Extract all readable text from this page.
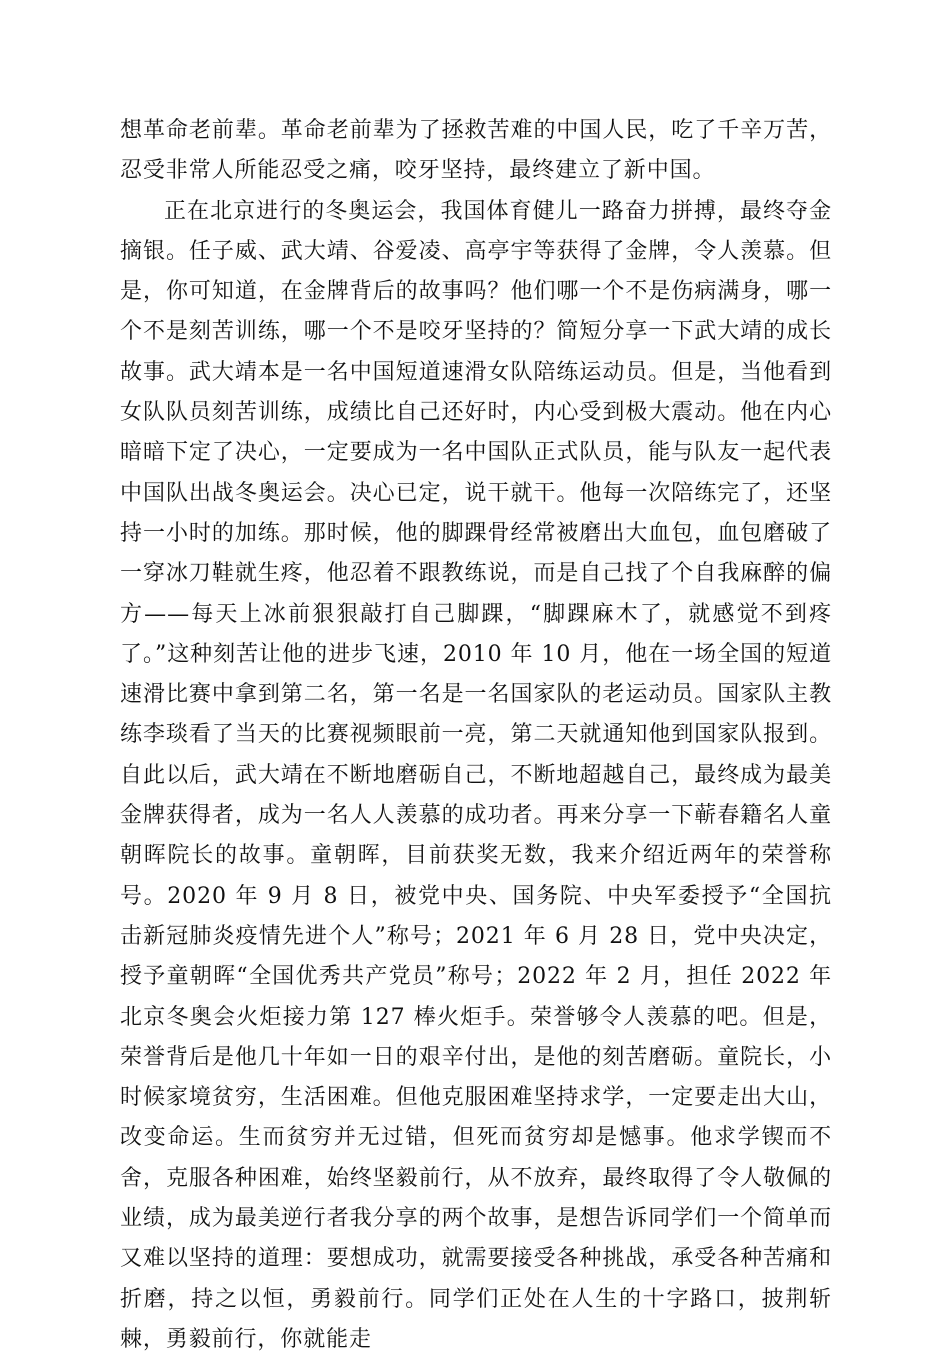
想革命老前辈。革命老前辈为了拯救苦难的中国人民，吃了千辛万苦，忍受非常人所能忍受之痛，咬牙坚持，最终建立了新中国。

正在北京进行的冬奥运会，我国体育健儿一路奋力拼搏，最终夺金摘银。任子威、武大靖、谷爱凌、高亭宇等获得了金牌，令人羡慕。但是，你可知道，在金牌背后的故事吗？他们哪一个不是伤病满身，哪一个不是刻苦训练，哪一个不是咬牙坚持的？简短分享一下武大靖的成长故事。武大靖本是一名中国短道速滑女队陪练运动员。但是，当他看到女队队员刻苦训练，成绩比自己还好时，内心受到极大震动。他在内心暗暗下定了决心，一定要成为一名中国队正式队员，能与队友一起代表中国队出战冬奥运会。决心已定，说干就干。他每一次陪练完了，还坚持一小时的加练。那时候，他的脚踝骨经常被磨出大血包，血包磨破了一穿冰刀鞋就生疼，他忍着不跟教练说，而是自己找了个自我麻醉的偏方——每天上冰前狠狠敲打自己脚踝，“脚踝麻木了，就感觉不到疼了。”这种刻苦让他的进步飞速，2010 年 10 月，他在一场全国的短道速滑比赛中拿到第二名，第一名是一名国家队的老运动员。国家队主教练李琰看了当天的比赛视频眼前一亮，第二天就通知他到国家队报到。自此以后，武大靖在不断地磨砺自己，不断地超越自己，最终成为最美金牌获得者，成为一名人人羡慕的成功者。再来分享一下蕲春籍名人童朝晖院长的故事。童朝晖，目前获奖无数，我来介绍近两年的荣誉称号。2020 年 9 月 8 日，被党中央、国务院、中央军委授予“全国抗击新冠肺炎疫情先进个人”称号；2021 年 6 月 28 日，党中央决定，授予童朝晖“全国优秀共产党员”称号；2022 年 2 月，担任 2022 年北京冬奥会火炬接力第 127 棒火炬手。荣誉够令人羡慕的吧。但是，荣誉背后是他几十年如一日的艰辛付出，是他的刻苦磨砺。童院长，小时候家境贫穷，生活困难。但他克服困难坚持求学，一定要走出大山，改变命运。生而贫穷并无过错，但死而贫穷却是憾事。他求学锲而不舍，克服各种困难，始终坚毅前行，从不放弃，最终取得了令人敬佩的业绩，成为最美逆行者我分享的两个故事，是想告诉同学们一个简单而又难以坚持的道理：要想成功，就需要接受各种挑战，承受各种苦痛和折磨，持之以恒，勇毅前行。同学们正处在人生的十字路口，披荆斩棘，勇毅前行，你就能走
